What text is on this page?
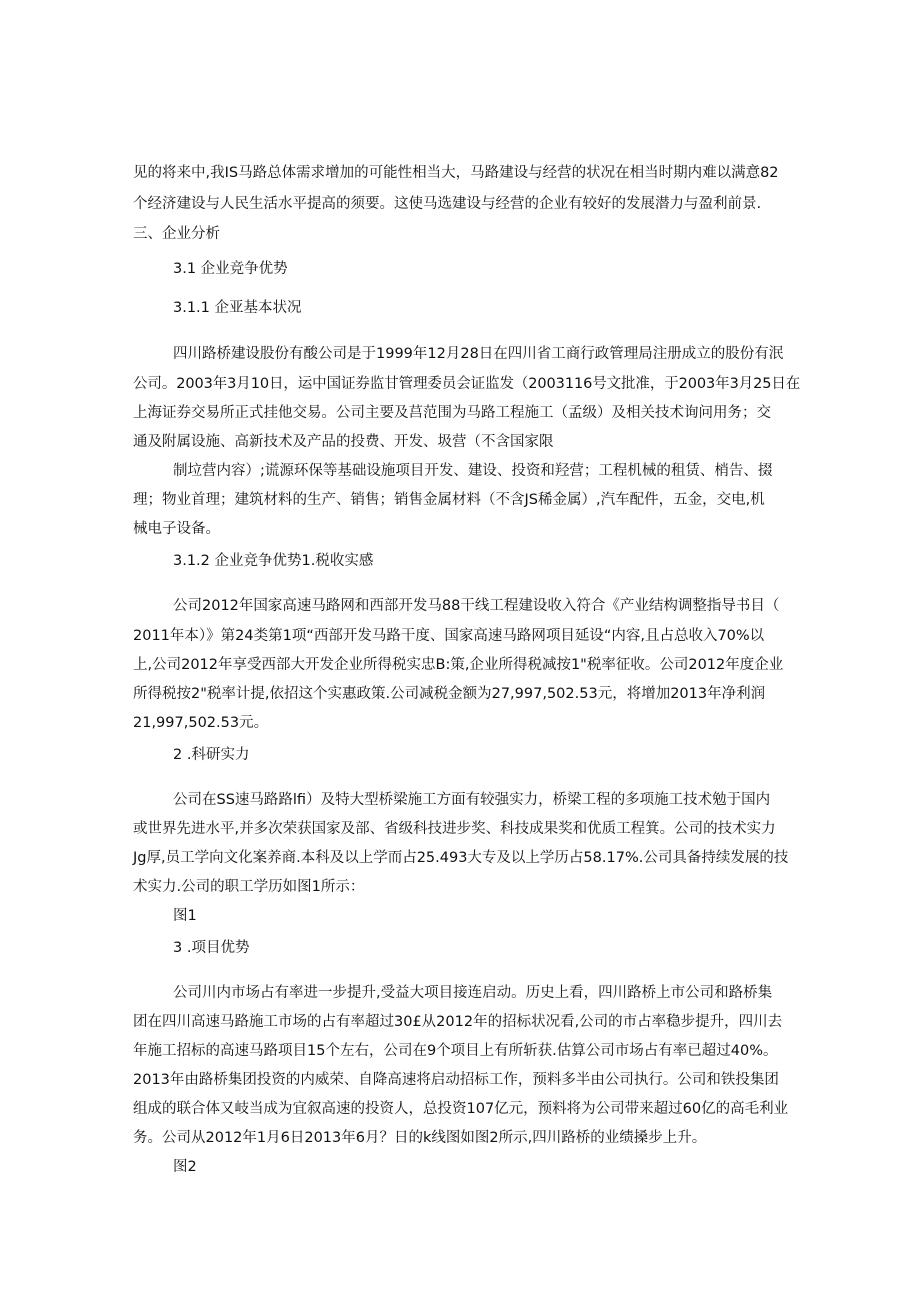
见的将来中,我IS马路总体需求增加的可能性相当大，马路建设与经营的状况在相当时期内难以满意82
个经济建设与人民生活水平提高的须要。这使马选建设与经营的企业有较好的发展潜力与盈利前景.
三、企业分析
3.1 企业竞争优势
3.1.1 企亚基本状况
四川路桥建设股份有酸公司是于1999年12月28日在四川省工商行政管理局注册成立的股份有泯
公司。2003年3月10日，运中国证券监甘管理委员会证监发（2003116号文批准，于2003年3月25日在
上海证券交易所正式挂他交易。公司主要及莒范围为马路工程施工（孟级）及相关技术询问用务；交
通及附属设施、高新技术及产品的投费、开发、圾营（不含国家限
制垃营内容）;谎源环保等基础设施项目开发、建设、投资和羟营；工程机械的租赁、梢告、掇
理；物业首理；建筑材料的生产、销售；销售金属材料（不含JS稀金属）,汽车配件，五金，交电,机
械电子设备。
3.1.2 企业竞争优势1.税收实感
公司2012年国家高速马路网和西部开发马88干线工程建设收入符合《产业结构调整指导书目（
2011年本）》第24类第1项“西部开发马路干度、国家高速马路网项目延设“内容,且占总收入70%以
上,公司2012年享受西部大开发企业所得税实忠B:策,企业所得税减按1"税率征收。公司2012年度企业
所得税按2"税率计提,依招这个实惠政策.公司减税金额为27,997,502.53元，将增加2013年净利润
21,997,502.53元。
2 .科研实力
公司在SS速马路路lfi）及特大型桥梁施工方面有较强实力，桥梁工程的多项施工技术勉于国内
或世界先进水平,并多次荣获国家及部、省级科技进步奖、科技成果奖和优质工程箕。公司的技术实力
Jg厚,员工学向文化案养商.本科及以上学而占25.493大专及以上学历占58.17%.公司具备持续发展的技
术实力.公司的职工学历如图1所示：
图1
3 .项目优势
公司川内市场占有率进一步提升,受益大项目接连启动。历史上看，四川路桥上市公司和路桥集
团在四川高速马路施工市场的占有率超过30£从2012年的招标状况看,公司的市占率稳步提升，四川去
年施工招标的高速马路项目15个左右，公司在9个项目上有所斩获.估算公司市场占有率已超过40%。
2013年由路桥集团投资的内威荣、自降高速将启动招标工作，预料多半由公司执行。公司和铁投集团
组成的联合体又岐当成为宜叙高速的投资人，总投资107亿元，预料将为公司带来超过60亿的高毛利业
务。公司从2012年1月6日2013年6月？日的k线图如图2所示,四川路桥的业绩搡步上升。
图2
